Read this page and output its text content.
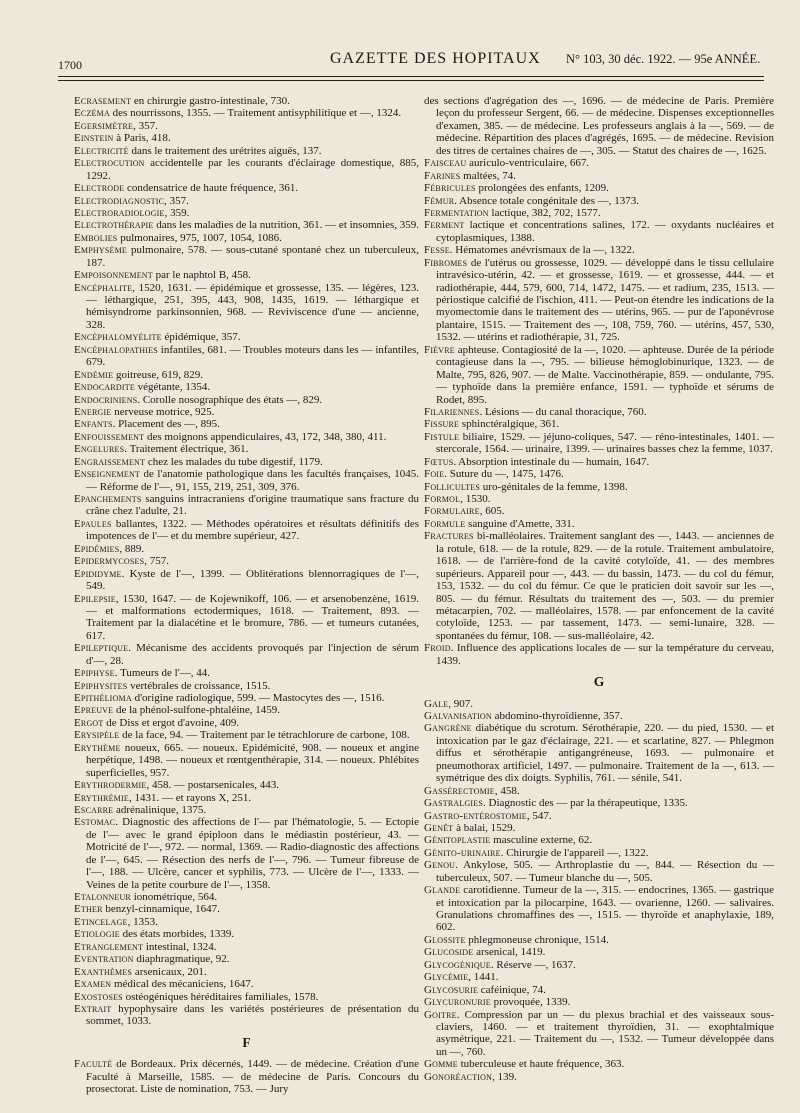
1700	GAZETTE DES HOPITAUX N° 103, 30 déc. 1922. — 95e ANNÉE.

Ecrasement en chirurgie gastro-intestinale, 730.

Eczéma des nourrissons, 1355. — Traitement antisyphilitique et —, 1324.

Egersimètre, 357.

Einstein à Paris, 418.

Electricité dans le traitement des urétrites aiguës, 137.

Electrocution accidentelle par les courants d'éclairage domestique, 885, 1292.

Electrode condensatrice de haute fréquence, 361.

Electrodiagnostic, 357.

Electroradiologie, 359.

Electrothérapie dans les maladies de la nutrition, 361. — et insomnies, 359.

Embolies pulmonaires, 975, 1007, 1054, 1086.

Emphysème pulmonaire, 578. — sous-cutané spontané chez un tuberculeux, 187.

Empoisonnement par le naphtol B, 458.

Encéphalite, 1520, 1631. — épidémique et grossesse, 135. — légères, 123. — léthargique, 251, 395, 443, 908, 1435, 1619. — léthargique et hémisyndrome parkinsonnien, 968. — Reviviscence d'une — ancienne, 328.

Encéphalomyélite épidémique, 357.

Encéphalopathies infantiles, 681. — Troubles moteurs dans les — infantiles, 679.

Endémie goitreuse, 619, 829.

Endocardite végétante, 1354.

Endocriniens. Corolle nosographique des états —, 829.

Energie nerveuse motrice, 925.

Enfants. Placement des —, 895.

Enfouissement des moignons appendiculaires, 43, 172, 348, 380, 411.

Engelures. Traitement électrique, 361.

Engraissement chez les malades du tube digestif, 1179.

Enseignement de l'anatomie pathologique dans les facultés françaises, 1045. — Réforme de l'—, 91, 155, 219, 251, 309, 376.

Epanchements sanguins intracraniens d'origine traumatique sans fracture du crâne chez l'adulte, 21.

Epaules ballantes, 1322. — Méthodes opératoires et résultats définitifs des impotences de l'— et du membre supérieur, 427.

Epidémies, 889.

Epidermycoses, 757.

Epididyme. Kyste de l'—, 1399. — Oblitérations blennorragiques de l'—, 549.

Epilepsie, 1530, 1647. — de Kojewnikoff, 106. — et arsenobenzène, 1619. — et malformations ectodermiques, 1618. — Traitement, 893. — Traitement par la dialacétine et le bromure, 786. — et tumeurs cutanées, 617.

Epileptique. Mécanisme des accidents provoqués par l'injection de sérum d'—, 28.

Epiphyse. Tumeurs de l'—, 44.

Epiphysites vertébrales de croissance, 1515.

Epithélioma d'origine radiologique, 599. — Mastocytes des —, 1516.

Epreuve de la phénol-sulfone-phtaléine, 1459.

Ergot de Diss et ergot d'avoine, 409.

Erysipèle de la face, 94. — Traitement par le tétrachlorure de carbone, 108.

Erythème noueux, 665. — noueux. Epidémicité, 908. — noueux et angine herpétique, 1498. — noueux et rœntgenthérapie, 314. — noueux. Phlébites superficielles, 957.

Erythrodermie, 458. — postarsenicales, 443.

Erythrémie, 1431. — et rayons X, 251.

Escarre adrénalinique, 1375.

Estomac. Diagnostic des affections de l'— par l'hématologie, 5. — Ectopie de l'— avec le grand épiploon dans le médiastin postérieur, 43. — Motricité de l'—, 972. — normal, 1369. — Radio-diagnostic des affections de l'—, 645. — Résection des nerfs de l'—, 796. — Tumeur fibreuse de l'—, 188. — Ulcère, cancer et syphilis, 773. — Ulcère de l'—, 1333. — Veines de la petite courbure de l'—, 1358.

Etalonneur ionométrique, 564.

Ether benzyl-cinnamique, 1647.

Etincelage, 1353.

Etiologie des états morbides, 1339.

Etranglement intestinal, 1324.

Eventration diaphragmatique, 92.

Exanthèmes arsenicaux, 201.

Examen médical des mécaniciens, 1647.

Exostoses ostéogéniques héréditaires familiales, 1578.

Extrait hypophysaire dans les variétés postérieures de présentation du sommet, 1033.

F

Faculté de Bordeaux. Prix décernés, 1449. — de médecine. Création d'une Faculté à Marseille, 1585. — de médecine de Paris. Concours du prosectorat. Liste de nomination, 753. — Jury

des sections d'agrégation des —, 1696. — de médecine de Paris. Première leçon du professeur Sergent, 66. — de médecine. Dispenses exceptionnelles d'examen, 385. — de médecine. Les professeurs anglais à la —, 569. — de médecine. Répartition des places d'agrégés, 1695. — de médecine. Revision des titres de certaines chaires de —, 305. — Statut des chaires de —, 1625.

Faisceau auriculo-ventriculaire, 667.

Farines maltées, 74.

Fébricules prolongées des enfants, 1209.

Fémur. Absence totale congénitale des —, 1373.

Fermentation lactique, 382, 702, 1577.

Ferment lactique et concentrations salines, 172. — oxydants nucléaires et cytoplasmiques, 1388.

Fesse. Hématomes anévrismaux de la —, 1322.

Fibromes de l'utérus ou grossesse, 1029. — développé dans le tissu cellulaire intravésico-utérin, 42. — et grossesse, 1619. — et grossesse, 444. — et radiothérapie, 444, 579, 600, 714, 1472, 1475. — et radium, 235, 1513. — périostique calcifié de l'ischion, 411. — Peut-on étendre les indications de la myomectomie dans le traitement des — utérins, 965. — pur de l'aponévrose plantaire, 1515. — Traitement des —, 108, 759, 760. — utérins, 457, 530, 1532. — utérins et radiothérapie, 31, 725.

Fièvre aphteuse. Contagiosité de la —, 1020. — aphteuse. Durée de la période contagieuse dans la —, 795. — bilieuse hémoglobinurique, 1323. — de Malte, 795, 826, 907. — de Malte. Vaccinothérapie, 859. — ondulante, 795. — typhoïde dans la première enfance, 1591. — typhoïde et sérums de Rodet, 895.

Filariennes. Lésions — du canal thoracique, 760.

Fissure sphinctéralgique, 361.

Fistule biliaire, 1529. — jéjuno-coliques, 547. — réno-intestinales, 1401. — stercorale, 1564. — urinaire, 1399. — urinaires basses chez la femme, 1037.

Fœtus. Absorption intestinale du — humain, 1647.

Foie. Suture du —, 1475, 1476.

Follicultes uro-génitales de la femme, 1398.

Formol, 1530.

Formulaire, 605.

Formule sanguine d'Amette, 331.

Fractures bi-malléolaires. Traitement sanglant des —, 1443. — anciennes de la rotule, 618. — de la rotule, 829. — de la rotule. Traitement ambulatoire, 1618. — de l'arrière-fond de la cavité cotyloïde, 41. — des membres supérieurs. Appareil pour —, 443. — du bassin, 1473. — du col du fémur, 153, 1532. — du col du fémur. Ce que le praticien doit savoir sur les —, 805. — du fémur. Résultats du traitement des —, 503. — du premier métacarpien, 702. — malléolaires, 1578. — par enfoncement de la cavité cotyloïde, 1253. — par tassement, 1473. — semi-lunaire, 328. — spontanées du fémur, 108. — sus-malléolaire, 42.

Froid. Influence des applications locales de — sur la température du cerveau, 1439.

G

Gale, 907.

Galvanisation abdomino-thyroïdienne, 357.

Gangrène diabétique du scrotum. Sérothérapie, 220. — du pied, 1530. — et intoxication par le gaz d'éclairage, 221. — et scarlatine, 827. — Phlegmon diffus et sérothérapie antigangréneuse, 1693. — pulmonaire et pneumothorax artificiel, 1497. — pulmonaire. Traitement de la —, 613. — symétrique des dix doigts. Syphilis, 761. — sénile, 541.

Gassérectomie, 458.

Gastralgies. Diagnostic des — par la thérapeutique, 1335.

Gastro-entérostomie, 547.

Genêt à balai, 1529.

Génitoplastie masculine externe, 62.

Génito-urinaire. Chirurgie de l'appareil —, 1322.

Genou. Ankylose, 505. — Arthroplastie du —, 844. — Résection du — tuberculeux, 507. — Tumeur blanche du —, 505.

Glande carotidienne. Tumeur de la —, 315. — endocrines, 1365. — gastrique et intoxication par la pilocarpine, 1643. — ovarienne, 1260. — salivaires. Granulations chromaffines des —, 1515. — thyroïde et anaphylaxie, 189, 602.

Glossite phlegmoneuse chronique, 1514.

Glucoside arsenical, 1419.

Glycogénique. Réserve —, 1637.

Glycémie, 1441.

Glycosurie caféinique, 74.

Glycuronurie provoquée, 1339.

Goitre. Compression par un — du plexus brachial et des vaisseaux sous-claviers, 1460. — et traitement thyroïdien, 31. — exophtalmique asymétrique, 221. — Traitement du —, 1532. — Tumeur développée dans un —, 760.

Gomme tuberculeuse et haute fréquence, 363.

Gonoréaction, 139.
